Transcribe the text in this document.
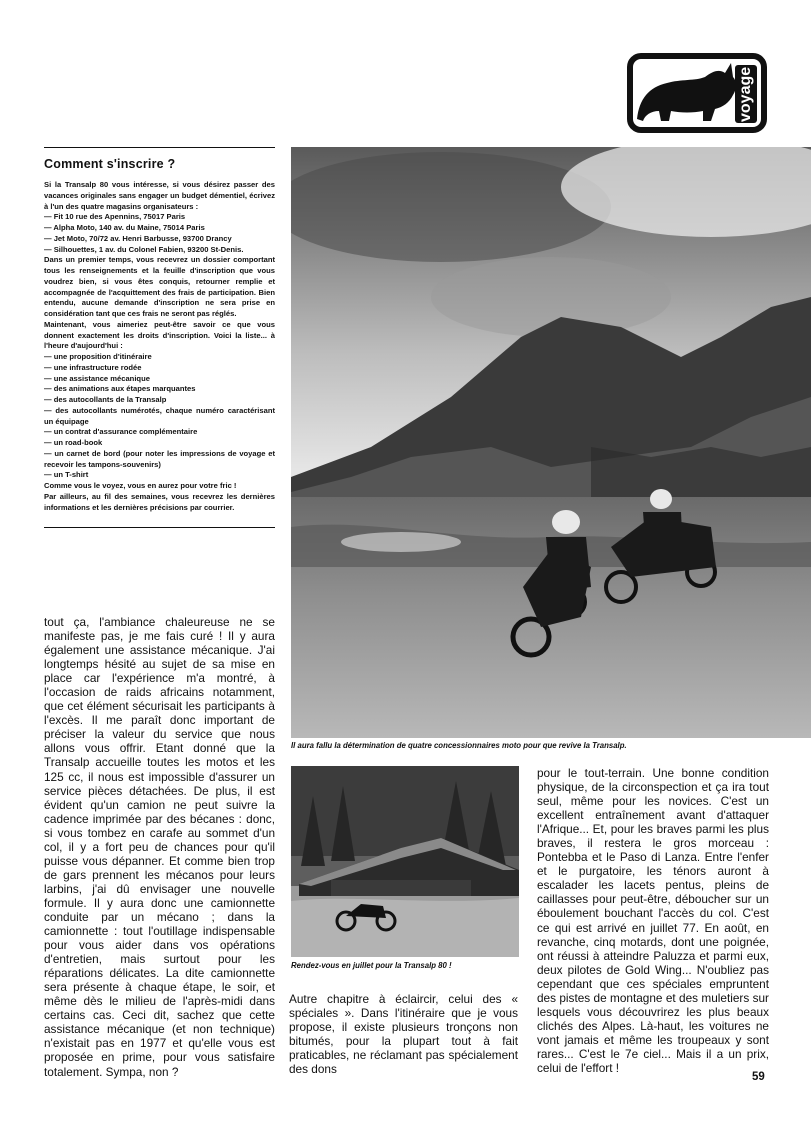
voyage
Comment s'inscrire ?

Si la Transalp 80 vous intéresse, si vous désirez passer des vacances originales sans engager un budget démentiel, écrivez à l'un des quatre magasins organisateurs :

— Fit 10 rue des Apennins, 75017 Paris

— Alpha Moto, 140 av. du Maine, 75014 Paris

— Jet Moto, 70/72 av. Henri Barbusse, 93700 Drancy

— Silhouettes, 1 av. du Colonel Fabien, 93200 St-Denis.

Dans un premier temps, vous recevrez un dossier comportant tous les renseignements et la feuille d'inscription que vous voudrez bien, si vous êtes conquis, retourner remplie et accompagnée de l'acquittement des frais de participation. Bien entendu, aucune demande d'inscription ne sera prise en considération tant que ces frais ne seront pas réglés.

Maintenant, vous aimeriez peut-être savoir ce que vous donnent exactement les droits d'inscription. Voici la liste... à l'heure d'aujourd'hui :

— une proposition d'itinéraire

— une infrastructure rodée

— une assistance mécanique

— des animations aux étapes marquantes

— des autocollants de la Transalp

— des autocollants numérotés, chaque numéro caractérisant un équipage

— un contrat d'assurance complémentaire

— un road-book

— un carnet de bord (pour noter les impressions de voyage et recevoir les tampons-souvenirs)

— un T-shirt

Comme vous le voyez, vous en aurez pour votre fric !

Par ailleurs, au fil des semaines, vous recevrez les dernières informations et les dernières précisions par courrier.

Il aura fallu la détermination de quatre concessionnaires moto pour que revive la Transalp.
Rendez-vous en juillet pour la Transalp 80 !

tout ça, l'ambiance chaleureuse ne se manifeste pas, je me fais curé ! Il y aura également une assistance mécanique. J'ai longtemps hésité au sujet de sa mise en place car l'expérience m'a montré, à l'occasion de raids africains notamment, que cet élément sécurisait les participants à l'excès. Il me paraît donc important de préciser la valeur du service que nous allons vous offrir. Etant donné que la Transalp accueille toutes les motos et les 125 cc, il nous est impossible d'assurer un service pièces détachées. De plus, il est évident qu'un camion ne peut suivre la cadence imprimée par des bécanes : donc, si vous tombez en carafe au sommet d'un col, il y a fort peu de chances pour qu'il puisse vous dépanner. Et comme bien trop de gars prennent les mécanos pour leurs larbins, j'ai dû envisager une nouvelle formule. Il y aura donc une camionnette conduite par un mécano ; dans la camionnette : tout l'outillage indispensable pour vous aider dans vos opérations d'entretien, mais surtout pour les réparations délicates. La dite camionnette sera présente à chaque étape, le soir, et même dès le milieu de l'après-midi dans certains cas. Ceci dit, sachez que cette assistance mécanique (et non technique) n'existait pas en 1977 et qu'elle vous est proposée en prime, pour vous satisfaire totalement. Sympa, non ?

Autre chapitre à éclaircir, celui des « spéciales ». Dans l'itinéraire que je vous propose, il existe plusieurs tronçons non bitumés, pour la plupart tout à fait praticables, ne réclamant pas spécialement des dons

pour le tout-terrain. Une bonne condition physique, de la circonspection et ça ira tout seul, même pour les novices. C'est un excellent entraînement avant d'attaquer l'Afrique... Et, pour les braves parmi les plus braves, il restera le gros morceau : Pontebba et le Paso di Lanza. Entre l'enfer et le purgatoire, les ténors auront à escalader les lacets pentus, pleins de caillasses pour peut-être, déboucher sur un éboulement bouchant l'accès du col. C'est ce qui est arrivé en juillet 77. En août, en revanche, cinq motards, dont une poignée, ont réussi à atteindre Paluzza et parmi eux, deux pilotes de Gold Wing... N'oubliez pas cependant que ces spéciales empruntent des pistes de montagne et des muletiers sur lesquels vous découvrirez les plus beaux clichés des Alpes. Là-haut, les voitures ne vont jamais et même les troupeaux y sont rares... C'est le 7e ciel... Mais il a un prix, celui de l'effort !

59
